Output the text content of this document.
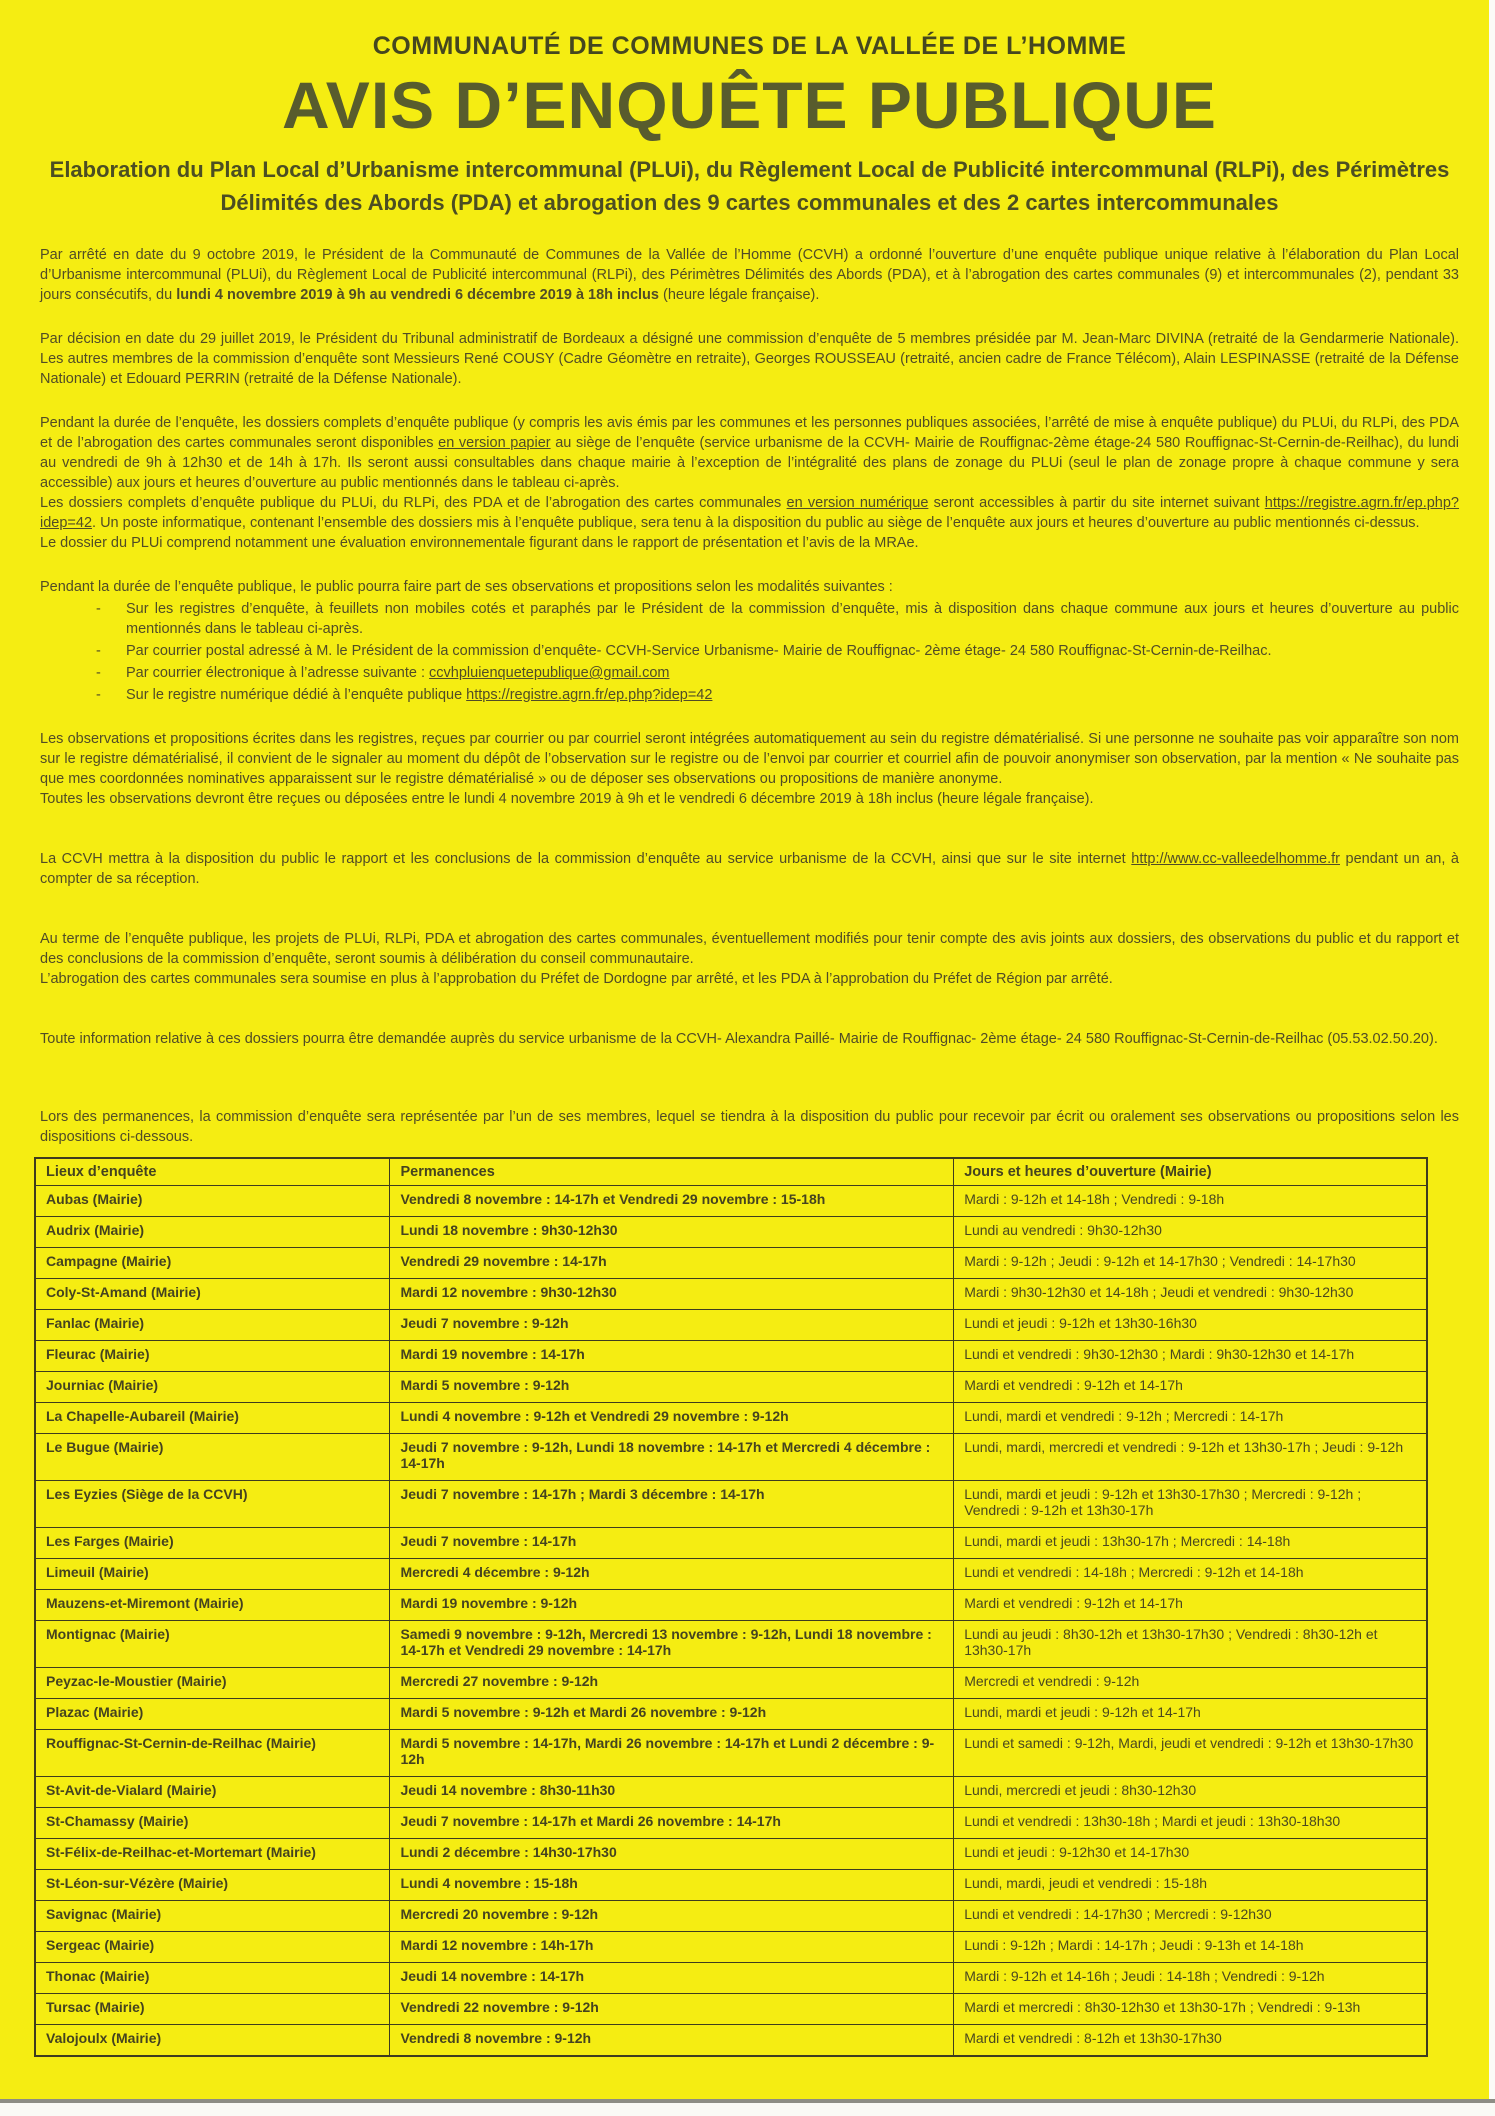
COMMUNAUTÉ DE COMMUNES DE LA VALLÉE DE L’HOMME
AVIS D’ENQUÊTE PUBLIQUE
Elaboration du Plan Local d’Urbanisme intercommunal (PLUi), du Règlement Local de Publicité intercommunal (RLPi), des Périmètres Délimités des Abords (PDA) et abrogation des 9 cartes communales et des 2 cartes intercommunales
Par arrêté en date du 9 octobre 2019, le Président de la Communauté de Communes de la Vallée de l’Homme (CCVH) a ordonné l’ouverture d’une enquête publique unique relative à l’élaboration du Plan Local d’Urbanisme intercommunal (PLUi), du Règlement Local de Publicité intercommunal (RLPi), des Périmètres Délimités des Abords (PDA), et à l’abrogation des cartes communales (9) et intercommunales (2), pendant 33 jours consécutifs, du lundi 4 novembre 2019 à 9h au vendredi 6 décembre 2019 à 18h inclus (heure légale française).
Par décision en date du 29 juillet 2019, le Président du Tribunal administratif de Bordeaux a désigné une commission d’enquête de 5 membres présidée par M. Jean-Marc DIVINA (retraité de la Gendarmerie Nationale). Les autres membres de la commission d’enquête sont Messieurs René COUSY (Cadre Géomètre en retraite), Georges ROUSSEAU (retraité, ancien cadre de France Télécom), Alain LESPINASSE (retraité de la Défense Nationale) et Edouard PERRIN (retraité de la Défense Nationale).
Pendant la durée de l’enquête, les dossiers complets d’enquête publique (y compris les avis émis par les communes et les personnes publiques associées, l’arrêté de mise à enquête publique) du PLUi, du RLPi, des PDA et de l’abrogation des cartes communales seront disponibles en version papier au siège de l’enquête (service urbanisme de la CCVH- Mairie de Rouffignac-2ème étage-24 580 Rouffignac-St-Cernin-de-Reilhac), du lundi au vendredi de 9h à 12h30 et de 14h à 17h. Ils seront aussi consultables dans chaque mairie à l’exception de l’intégralité des plans de zonage du PLUi (seul le plan de zonage propre à chaque commune y sera accessible) aux jours et heures d’ouverture au public mentionnés dans le tableau ci-après.
Les dossiers complets d’enquête publique du PLUi, du RLPi, des PDA et de l’abrogation des cartes communales en version numérique seront accessibles à partir du site internet suivant https://registre.agrn.fr/ep.php?idep=42. Un poste informatique, contenant l’ensemble des dossiers mis à l’enquête publique, sera tenu à la disposition du public au siège de l’enquête aux jours et heures d’ouverture au public mentionnés ci-dessus.
Le dossier du PLUi comprend notamment une évaluation environnementale figurant dans le rapport de présentation et l’avis de la MRAe.
Pendant la durée de l’enquête publique, le public pourra faire part de ses observations et propositions selon les modalités suivantes :
- Sur les registres d’enquête, à feuillets non mobiles cotés et paraphés par le Président de la commission d’enquête, mis à disposition dans chaque commune aux jours et heures d’ouverture au public mentionnés dans le tableau ci-après.
- Par courrier postal adressé à M. le Président de la commission d’enquête- CCVH-Service Urbanisme- Mairie de Rouffignac- 2ème étage- 24 580 Rouffignac-St-Cernin-de-Reilhac.
- Par courrier électronique à l’adresse suivante : ccvhpluienquetepublique@gmail.com
- Sur le registre numérique dédié à l’enquête publique https://registre.agrn.fr/ep.php?idep=42
Les observations et propositions écrites dans les registres, reçues par courrier ou par courriel seront intégrées automatiquement au sein du registre dématérialisé. Si une personne ne souhaite pas voir apparaître son nom sur le registre dématérialisé, il convient de le signaler au moment du dépôt de l’observation sur le registre ou de l’envoi par courrier et courriel afin de pouvoir anonymiser son observation, par la mention « Ne souhaite pas que mes coordonnées nominatives apparaissent sur le registre dématérialisé » ou de déposer ses observations ou propositions de manière anonyme.
Toutes les observations devront être reçues ou déposées entre le lundi 4 novembre 2019 à 9h et le vendredi 6 décembre 2019 à 18h inclus (heure légale française).
La CCVH mettra à la disposition du public le rapport et les conclusions de la commission d’enquête au service urbanisme de la CCVH, ainsi que sur le site internet http://www.cc-valleedelhomme.fr pendant un an, à compter de sa réception.
Au terme de l’enquête publique, les projets de PLUi, RLPi, PDA et abrogation des cartes communales, éventuellement modifiés pour tenir compte des avis joints aux dossiers, des observations du public et du rapport et des conclusions de la commission d’enquête, seront soumis à délibération du conseil communautaire.
L’abrogation des cartes communales sera soumise en plus à l’approbation du Préfet de Dordogne par arrêté, et les PDA à l’approbation du Préfet de Région par arrêté.
Toute information relative à ces dossiers pourra être demandée auprès du service urbanisme de la CCVH- Alexandra Paillé- Mairie de Rouffignac- 2ème étage- 24 580 Rouffignac-St-Cernin-de-Reilhac (05.53.02.50.20).
Lors des permanences, la commission d’enquête sera représentée par l’un de ses membres, lequel se tiendra à la disposition du public pour recevoir par écrit ou oralement ses observations ou propositions selon les dispositions ci-dessous.
Lieux d’enquête	Permanences	Jours et heures d’ouverture (Mairie)
Aubas (Mairie)	Vendredi 8 novembre : 14-17h et Vendredi 29 novembre : 15-18h	Mardi : 9-12h et 14-18h ; Vendredi : 9-18h
Audrix (Mairie)	Lundi 18 novembre : 9h30-12h30	Lundi au vendredi : 9h30-12h30
Campagne (Mairie)	Vendredi 29 novembre : 14-17h	Mardi : 9-12h ; Jeudi : 9-12h et 14-17h30 ; Vendredi : 14-17h30
Coly-St-Amand (Mairie)	Mardi 12 novembre : 9h30-12h30	Mardi : 9h30-12h30 et 14-18h ; Jeudi et vendredi : 9h30-12h30
Fanlac (Mairie)	Jeudi 7 novembre : 9-12h	Lundi et jeudi : 9-12h et 13h30-16h30
Fleurac (Mairie)	Mardi 19 novembre : 14-17h	Lundi et vendredi : 9h30-12h30 ; Mardi : 9h30-12h30 et 14-17h
Journiac (Mairie)	Mardi 5 novembre : 9-12h	Mardi et vendredi : 9-12h et 14-17h
La Chapelle-Aubareil (Mairie)	Lundi 4 novembre : 9-12h et Vendredi 29 novembre : 9-12h	Lundi, mardi et vendredi : 9-12h ; Mercredi : 14-17h
Le Bugue (Mairie)	Jeudi 7 novembre : 9-12h, Lundi 18 novembre : 14-17h et Mercredi 4 décembre : 14-17h	Lundi, mardi, mercredi et vendredi : 9-12h et 13h30-17h ; Jeudi : 9-12h
Les Eyzies (Siège de la CCVH)	Jeudi 7 novembre : 14-17h ; Mardi 3 décembre : 14-17h	Lundi, mardi et jeudi : 9-12h et 13h30-17h30 ; Mercredi : 9-12h ; Vendredi : 9-12h et 13h30-17h
Les Farges (Mairie)	Jeudi 7 novembre : 14-17h	Lundi, mardi et jeudi : 13h30-17h ; Mercredi : 14-18h
Limeuil (Mairie)	Mercredi 4 décembre : 9-12h	Lundi et vendredi : 14-18h ; Mercredi : 9-12h et 14-18h
Mauzens-et-Miremont (Mairie)	Mardi 19 novembre : 9-12h	Mardi et vendredi : 9-12h et 14-17h
Montignac (Mairie)	Samedi 9 novembre : 9-12h, Mercredi 13 novembre : 9-12h, Lundi 18 novembre : 14-17h et Vendredi 29 novembre : 14-17h	Lundi au jeudi : 8h30-12h et 13h30-17h30 ; Vendredi : 8h30-12h et 13h30-17h
Peyzac-le-Moustier (Mairie)	Mercredi 27 novembre : 9-12h	Mercredi et vendredi : 9-12h
Plazac (Mairie)	Mardi 5 novembre : 9-12h et Mardi 26 novembre : 9-12h	Lundi, mardi et jeudi : 9-12h et 14-17h
Rouffignac-St-Cernin-de-Reilhac (Mairie)	Mardi 5 novembre : 14-17h, Mardi 26 novembre : 14-17h et Lundi 2 décembre : 9-12h	Lundi et samedi : 9-12h, Mardi, jeudi et vendredi : 9-12h et 13h30-17h30
St-Avit-de-Vialard (Mairie)	Jeudi 14 novembre : 8h30-11h30	Lundi, mercredi et jeudi : 8h30-12h30
St-Chamassy (Mairie)	Jeudi 7 novembre : 14-17h et Mardi 26 novembre : 14-17h	Lundi et vendredi : 13h30-18h ; Mardi et jeudi : 13h30-18h30
St-Félix-de-Reilhac-et-Mortemart (Mairie)	Lundi 2 décembre : 14h30-17h30	Lundi et jeudi : 9-12h30 et 14-17h30
St-Léon-sur-Vézère (Mairie)	Lundi 4 novembre : 15-18h	Lundi, mardi, jeudi et vendredi : 15-18h
Savignac (Mairie)	Mercredi 20 novembre : 9-12h	Lundi et vendredi : 14-17h30 ; Mercredi : 9-12h30
Sergeac (Mairie)	Mardi 12 novembre : 14h-17h	Lundi : 9-12h ; Mardi : 14-17h ; Jeudi : 9-13h et 14-18h
Thonac (Mairie)	Jeudi 14 novembre : 14-17h	Mardi : 9-12h et 14-16h ; Jeudi : 14-18h ; Vendredi : 9-12h
Tursac (Mairie)	Vendredi 22 novembre : 9-12h	Mardi et mercredi : 8h30-12h30 et 13h30-17h ; Vendredi : 9-13h
Valojoulx (Mairie)	Vendredi 8 novembre : 9-12h	Mardi et vendredi : 8-12h et 13h30-17h30
